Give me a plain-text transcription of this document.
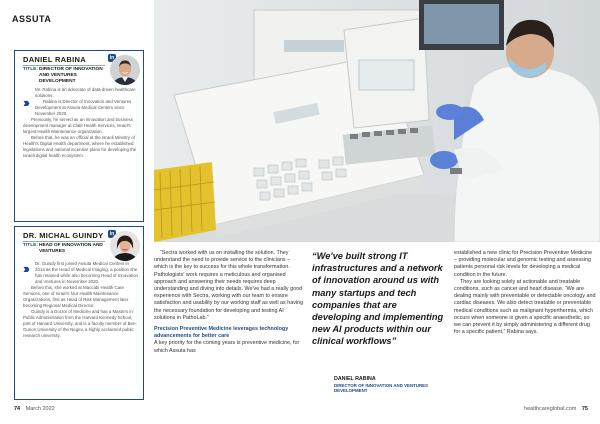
ASSUTA
DANIEL RABINA	in
TITLE: DIRECTOR OF INNOVATION AND VENTURES DEVELOPMENT
›››

Mr. Rabina is an advocate of data-driven healthcare solutions.

Rabina is Director of Innovation and Ventures Development at Assuta Medical Centers since November 2020.

Previously, he served as an innovation and business development manager at Clalit Health Services, Israel's largest Health Maintenance organization.

Before that, he was an official at the Israeli Ministry of Health's Digital Health department, where he established legislations and national incentive plans for developing the Israeli digital health ecosystem.

DR. MICHAL GUINDY	in
TITLE: HEAD OF INNOVATION AND VENTURES
›››	Dr. Guindy first joined Assuta Medical Centers in 2014 as the Head of Medical Imaging, a position she has retained while also becoming Head of Innovation and Ventures in November 2020.

Before this, she worked at Maccabi Health Care Services, one of Israel's four Health Maintenance Organizations, first as Head of Risk Management later becoming Regional Medical Director.

Guindy is a Doctor of Medicine and has a Masters in Public Administration from the Harvard Kennedy School, part of Harvard University, and is a faculty member of Ben-Gurion University of the Negev, a highly acclaimed public research university.

“Sectra worked with us on installing the solution. They understand the need to provide service to the clinicians – which is the key to success for this whole transformation. Pathologists' work requires a meticulous and organised approach and answering their needs requires deep understanding and diving into details. We've had a really good experience with Sectra, working with our team to ensure satisfaction and usability by our working staff as well as having the necessary foundation for developing and testing AI solutions in PathoLab.”

Precision Preventive Medicine leverages technology advancements for better care

A key priority for the coming years is preventive medicine, for which Assuta has

“We've built strong IT infrastructures and a network of innovation around us with many startups and tech companies that are developing and implementing new AI products within our clinical workflows”
DANIEL RABINA
DIRECTOR OF INNOVATION AND VENTURES DEVELOPMENT

established a new clinic for Precision Preventive Medicine – providing molecular and genomic testing and assessing patients personal risk levels for developing a medical condition in the future.

They are looking solely at actionable and treatable conditions, such as cancer and heart disease. “We are dealing mainly with preventable or detectable oncology and cardiac diseases. We also detect treatable or preventable medical conditions such as malignant hyperthermia, which occurs when someone is given a specific anaesthetic, so we can prevent it by simply administering a different drug for a specific patient,” Rabina says.

74 March 2022	healthcareglobal.com 75
